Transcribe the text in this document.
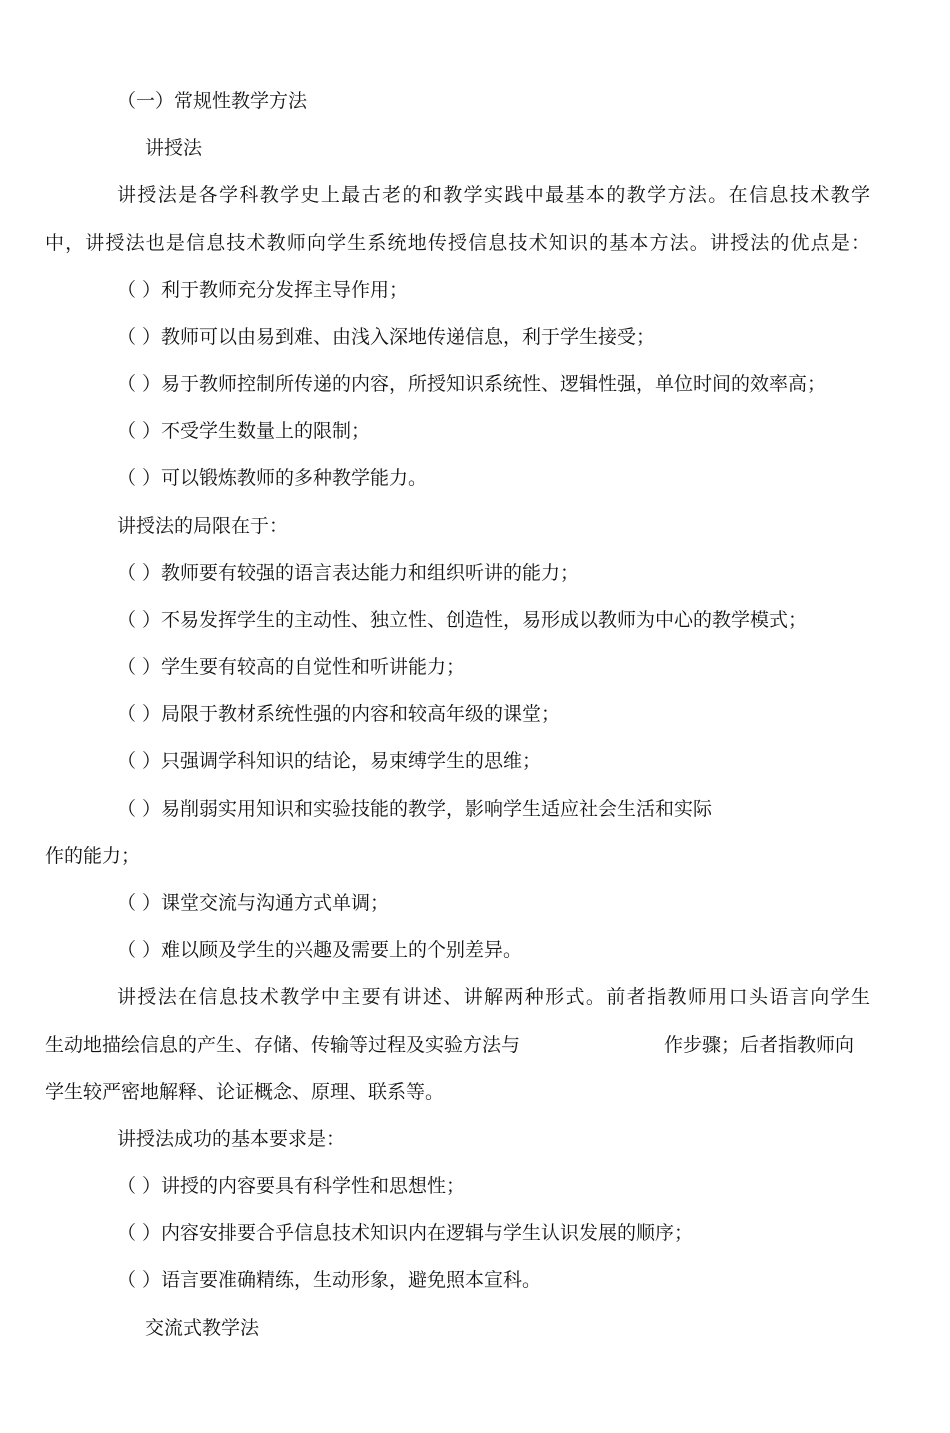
（一）常规性教学方法
讲授法
讲授法是各学科教学史上最古老的和教学实践中最基本的教学方法。在信息技术教学
中，讲授法也是信息技术教师向学生系统地传授信息技术知识的基本方法。讲授法的优点是：
（ ）利于教师充分发挥主导作用；
（ ）教师可以由易到难、由浅入深地传递信息，利于学生接受；
（ ）易于教师控制所传递的内容，所授知识系统性、逻辑性强，单位时间的效率高；
（ ）不受学生数量上的限制；
（ ）可以锻炼教师的多种教学能力。
讲授法的局限在于：
（ ）教师要有较强的语言表达能力和组织听讲的能力；
（ ）不易发挥学生的主动性、独立性、创造性，易形成以教师为中心的教学模式；
（ ）学生要有较高的自觉性和听讲能力；
（ ）局限于教材系统性强的内容和较高年级的课堂；
（ ）只强调学科知识的结论，易束缚学生的思维；
（ ）易削弱实用知识和实验技能的教学，影响学生适应社会生活和实际
作的能力；
（ ）课堂交流与沟通方式单调；
（ ）难以顾及学生的兴趣及需要上的个别差异。
讲授法在信息技术教学中主要有讲述、讲解两种形式。前者指教师用口头语言向学生
生动地描绘信息的产生、存储、传输等过程及实验方法与	作步骤；后者指教师向
学生较严密地解释、论证概念、原理、联系等。
讲授法成功的基本要求是：
（ ）讲授的内容要具有科学性和思想性；
（ ）内容安排要合乎信息技术知识内在逻辑与学生认识发展的顺序；
（ ）语言要准确精练，生动形象，避免照本宣科。
交流式教学法
